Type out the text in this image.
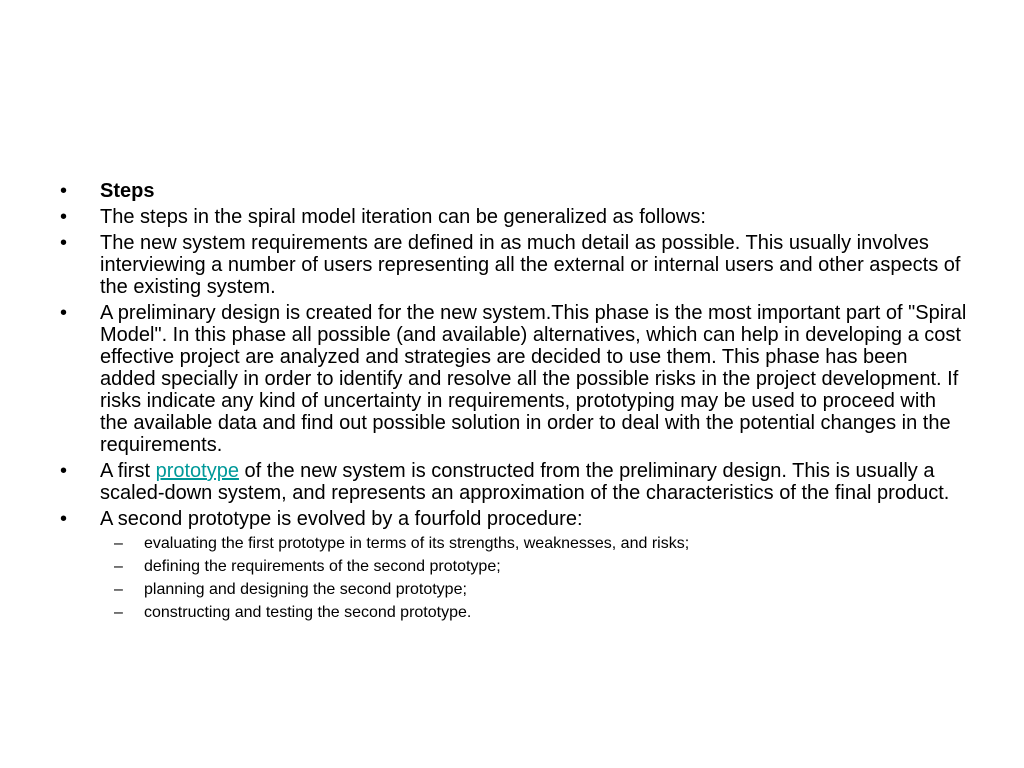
•	Steps
•	The steps in the spiral model iteration can be generalized as follows:
•	The new system requirements are defined in as much detail as possible. This usually involves interviewing a number of users representing all the external or internal users and other aspects of the existing system.
•	A preliminary design is created for the new system.This phase is the most important part of "Spiral Model". In this phase all possible (and available) alternatives, which can help in developing a cost effective project are analyzed and strategies are decided to use them. This phase has been added specially in order to identify and resolve all the possible risks in the project development. If risks indicate any kind of uncertainty in requirements, prototyping may be used to proceed with the available data and find out possible solution in order to deal with the potential changes in the requirements.
•	A first prototype of the new system is constructed from the preliminary design. This is usually a scaled-down system, and represents an approximation of the characteristics of the final product.
•	A second prototype is evolved by a fourfold procedure:
–	evaluating the first prototype in terms of its strengths, weaknesses, and risks;
–	defining the requirements of the second prototype;
–	planning and designing the second prototype;
–	constructing and testing the second prototype.
